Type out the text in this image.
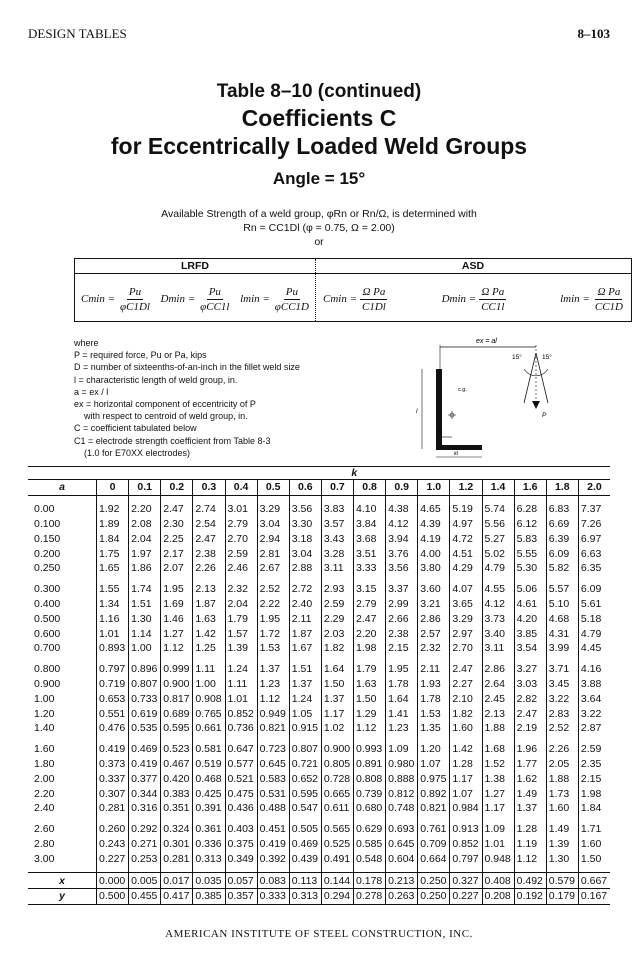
DESIGN TABLES	8–103
Table 8–10 (continued)
Coefficients C
for Eccentrically Loaded Weld Groups
Angle = 15°
Available Strength of a weld group, φRn or Rn/Ω, is determined with
Rn = CC1Dl (φ = 0.75, Ω = 2.00)
or
LRFD	ASD
$Cmin = \frac{Pu}{\varphi C1Dl}$ $Dmin = \frac{Pu}{\text{φCC1l}}$ $lmin = \frac{Pu}{\text{φCC1D}}$ $Cmin = \frac{\text{Ω Pa}}{C1Dl}$	$Dmin = \frac{\text{Ω Pa}}{CC1l}$	$lmin = \frac{\text{Ω Pa}}{CC1D}$
where
P = required force, Pu or Pa, kips
D = number of sixteenths-of-an-inch in the fillet weld size
l = characteristic length of weld group, in.
a = ex / l
ex = horizontal component of eccentricity of P
with respect to centroid of weld group, in.
C = coefficient tabulated below
C1 = electrode strength coefficient from Table 8-3
(1.0 for E70XX electrodes)
ex = al
15°	15°
P
c.g.
l
xl
kl
	k															
a	0	0.1	0.2	0.3	0.4	0.5	0.6	0.7	0.8	0.9	1.0	1.2	1.4	1.6	1.8	2.0

0.00	1.92	2.20	2.47	2.74	3.01	3.29	3.56	3.83	4.10	4.38	4.65	5.19	5.74	6.28	6.83	7.37
0.100	1.89	2.08	2.30	2.54	2.79	3.04	3.30	3.57	3.84	4.12	4.39	4.97	5.56	6.12	6.69	7.26
0.150	1.84	2.04	2.25	2.47	2.70	2.94	3.18	3.43	3.68	3.94	4.19	4.72	5.27	5.83	6.39	6.97
0.200	1.75	1.97	2.17	2.38	2.59	2.81	3.04	3.28	3.51	3.76	4.00	4.51	5.02	5.55	6.09	6.63
0.250	1.65	1.86	2.07	2.26	2.46	2.67	2.88	3.11	3.33	3.56	3.80	4.29	4.79	5.30	5.82	6.35

0.300	1.55	1.74	1.95	2.13	2.32	2.52	2.72	2.93	3.15	3.37	3.60	4.07	4.55	5.06	5.57	6.09
0.400	1.34	1.51	1.69	1.87	2.04	2.22	2.40	2.59	2.79	2.99	3.21	3.65	4.12	4.61	5.10	5.61
0.500	1.16	1.30	1.46	1.63	1.79	1.95	2.11	2.29	2.47	2.66	2.86	3.29	3.73	4.20	4.68	5.18
0.600	1.01	1.14	1.27	1.42	1.57	1.72	1.87	2.03	2.20	2.38	2.57	2.97	3.40	3.85	4.31	4.79
0.700	0.893	1.00	1.12	1.25	1.39	1.53	1.67	1.82	1.98	2.15	2.32	2.70	3.11	3.54	3.99	4.45

0.800	0.797	0.896	0.999	1.11	1.24	1.37	1.51	1.64	1.79	1.95	2.11	2.47	2.86	3.27	3.71	4.16
0.900	0.719	0.807	0.900	1.00	1.11	1.23	1.37	1.50	1.63	1.78	1.93	2.27	2.64	3.03	3.45	3.88
1.00	0.653	0.733	0.817	0.908	1.01	1.12	1.24	1.37	1.50	1.64	1.78	2.10	2.45	2.82	3.22	3.64
1.20	0.551	0.619	0.689	0.765	0.852	0.949	1.05	1.17	1.29	1.41	1.53	1.82	2.13	2.47	2.83	3.22
1.40	0.476	0.535	0.595	0.661	0.736	0.821	0.915	1.02	1.12	1.23	1.35	1.60	1.88	2.19	2.52	2.87

1.60	0.419	0.469	0.523	0.581	0.647	0.723	0.807	0.900	0.993	1.09	1.20	1.42	1.68	1.96	2.26	2.59
1.80	0.373	0.419	0.467	0.519	0.577	0.645	0.721	0.805	0.891	0.980	1.07	1.28	1.52	1.77	2.05	2.35
2.00	0.337	0.377	0.420	0.468	0.521	0.583	0.652	0.728	0.808	0.888	0.975	1.17	1.38	1.62	1.88	2.15
2.20	0.307	0.344	0.383	0.425	0.475	0.531	0.595	0.665	0.739	0.812	0.892	1.07	1.27	1.49	1.73	1.98
2.40	0.281	0.316	0.351	0.391	0.436	0.488	0.547	0.611	0.680	0.748	0.821	0.984	1.17	1.37	1.60	1.84

2.60	0.260	0.292	0.324	0.361	0.403	0.451	0.505	0.565	0.629	0.693	0.761	0.913	1.09	1.28	1.49	1.71
2.80	0.243	0.271	0.301	0.336	0.375	0.419	0.469	0.525	0.585	0.645	0.709	0.852	1.01	1.19	1.39	1.60
3.00	0.227	0.253	0.281	0.313	0.349	0.392	0.439	0.491	0.548	0.604	0.664	0.797	0.948	1.12	1.30	1.50

x	0.000	0.005	0.017	0.035	0.057	0.083	0.113	0.144	0.178	0.213	0.250	0.327	0.408	0.492	0.579	0.667
y	0.500	0.455	0.417	0.385	0.357	0.333	0.313	0.294	0.278	0.263	0.250	0.227	0.208	0.192	0.179	0.167
AMERICAN INSTITUTE OF STEEL CONSTRUCTION, INC.
